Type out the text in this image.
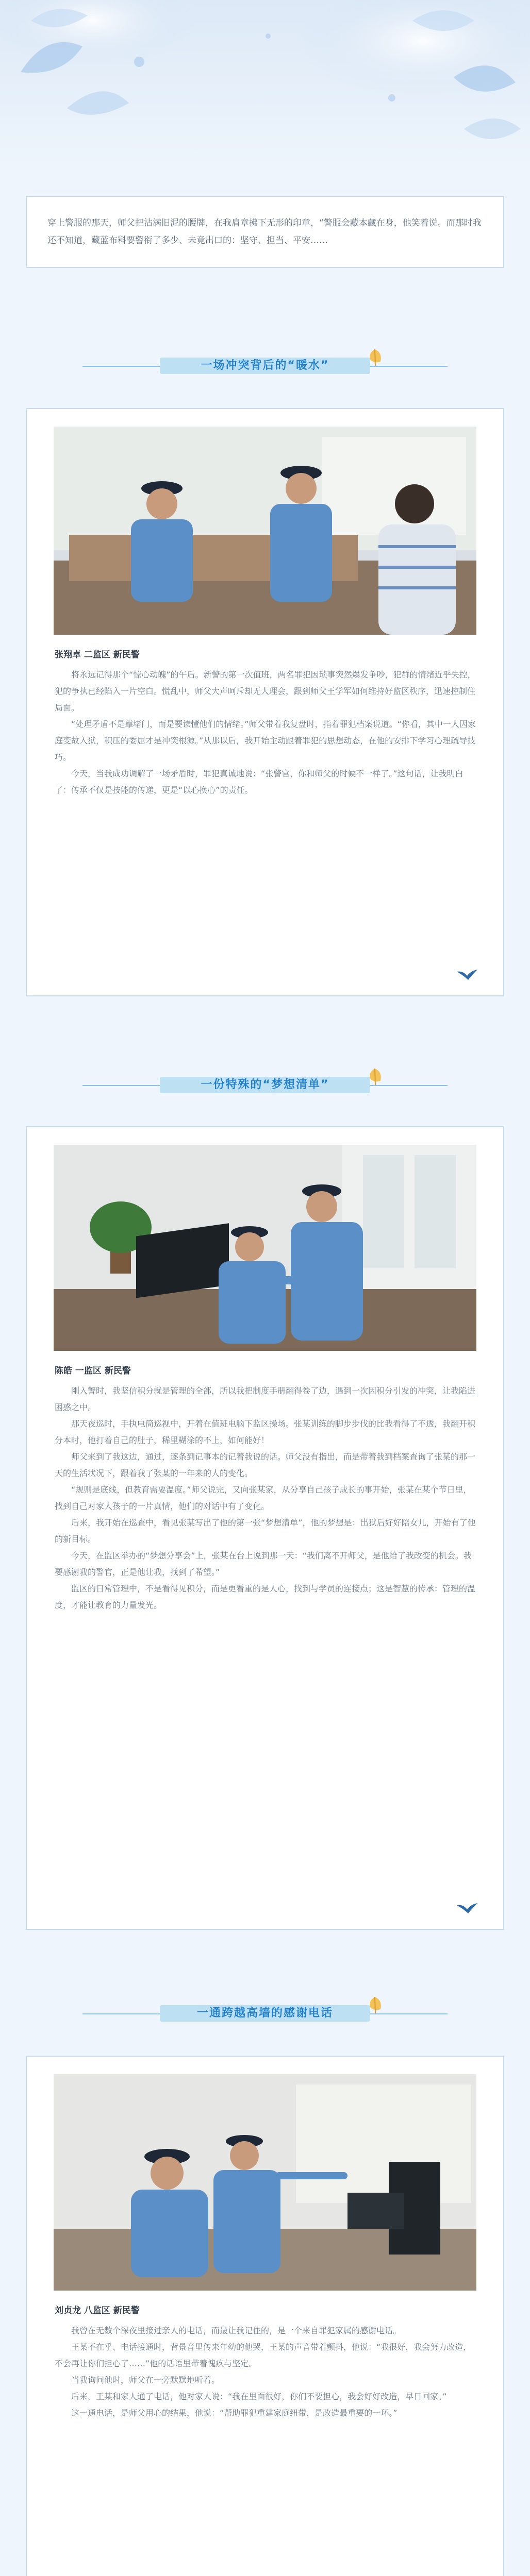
穿上警服的那天，师父把沾满旧泥的腰牌，在我肩章拂下无形的印章，“警服会藏本藏在身，他笑着说。而那时我还不知道，藏蓝布料要警衔了多少、未竟出口的：坚守、担当、平安……
一场冲突背后的“暖水”
张翔卓 二监区 新民警

将永远记得那个“惊心动魄”的午后。新警的第一次值班，两名罪犯因琐事突然爆发争吵，犯群的情绪近乎失控，犯的争执已经陷入一片空白。慌乱中，师父大声呵斥却无人理会，跟到师父王学军如何维持好监区秩序，迅速控制住局面。

“处理矛盾不是靠堵门，而是要读懂他们的情绪。”师父带着我复盘时，指着罪犯档案说道。“你看，其中一人因家庭变故入狱，积压的委屈才是冲突根源。”从那以后，我开始主动跟着罪犯的思想动态，在他的安排下学习心理疏导技巧。

今天，当我成功调解了一场矛盾时，罪犯真诚地说：“张警官，你和师父的时候不一样了。”这句话，让我明白了：传承不仅是技能的传递，更是“以心换心”的责任。

一份特殊的“梦想清单”
陈皓 一监区 新民警

刚入警时，我坚信积分就是管理的全部，所以我把制度手册翻得卷了边，遇到一次因积分引发的冲突，让我陷进困惑之中。

那天夜巡时，手执电筒巡视中，开着在值班电脑下监区操场。张某训练的脚步步伐的比我看得了不透，我翻开积分本时，他打着自己的肚子，稀里糊涂的不上，如何能好！

师父来到了我这边，通过，逐条到记事本的记着我说的话。师父没有指出，而是带着我到档案查询了张某的那一天的生活状况下，跟着我了张某的一年来的人的变化。

“规则是底线，但教育需要温度。”师父说完，又向张某家，从分享自己孩子成长的事开始，张某在某个节日里，找到自己对家人孩子的一片真情，他们的对话中有了变化。

后来，我开始在巡查中，看见张某写出了他的第一张“梦想清单”，他的梦想是：出狱后好好陪女儿，开始有了他的新目标。

今天，在监区举办的“梦想分享会”上，张某在台上说到那一天：“我们离不开师父，是他给了我改变的机会。我要感谢我的警官，正是他让我，找到了希望。”

监区的日常管理中，不是看得见积分，而是更看重的是人心，找到与学员的连接点；这是智慧的传承：管理的温度，才能让教育的力量发光。

一通跨越高墙的感谢电话
刘贞龙 八监区 新民警

我曾在无数个深夜里接过亲人的电话，而最让我记住的，是一个来自罪犯家属的感谢电话。

王某不在乎、电话接通时，背景音里传来年幼的他哭，王某的声音带着颤抖，他说：“我很好，我会努力改造，不会再让你们担心了……”他的话语里带着愧疚与坚定。

当我询问他时，师父在一旁默默地听着。

后来，王某和家人通了电话，他对家人说：“我在里面很好，你们不要担心，我会好好改造，早日回家。”

这一通电话，是师父用心的结果，他说：“帮助罪犯重建家庭纽带，是改造最重要的一环。”
